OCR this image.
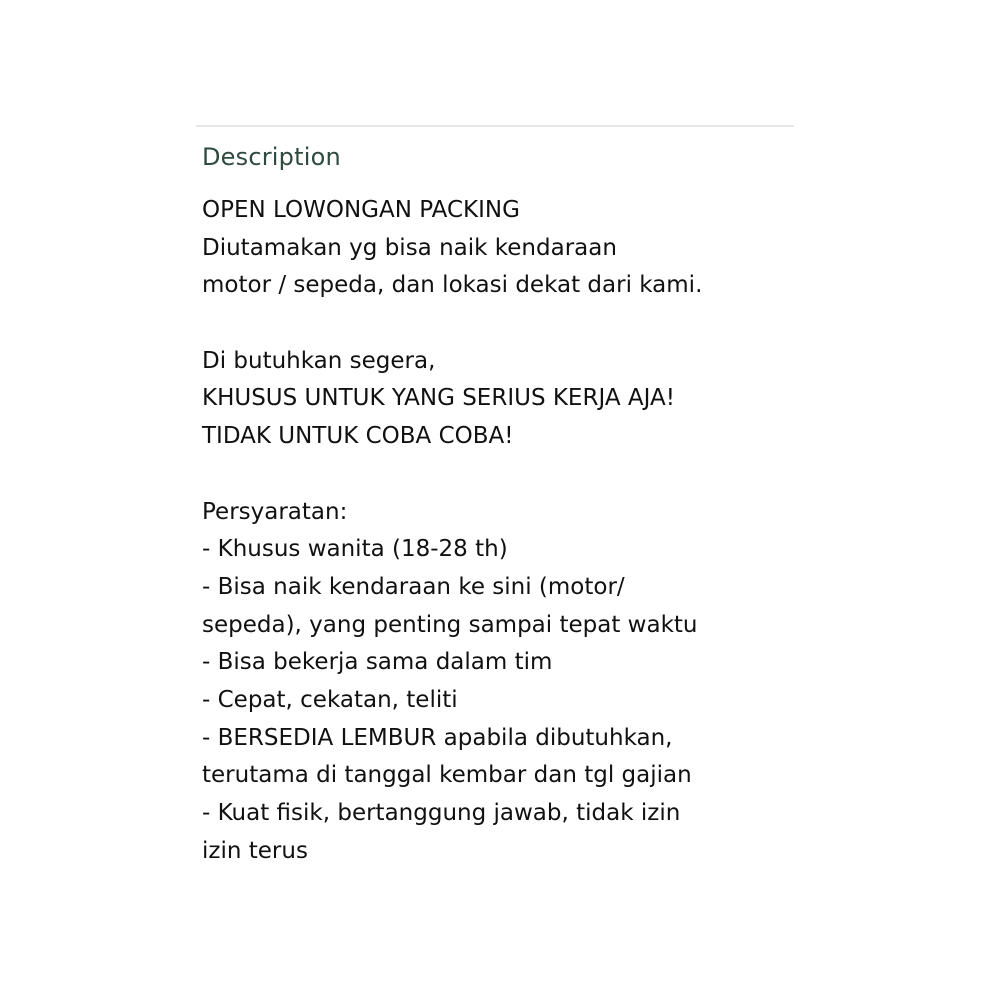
Description
OPEN LOWONGAN PACKING
Diutamakan yg bisa naik kendaraan
motor / sepeda, dan lokasi dekat dari kami.
Di butuhkan segera,
KHUSUS UNTUK YANG SERIUS KERJA AJA!
TIDAK UNTUK COBA COBA!
Persyaratan:
- Khusus wanita (18-28 th)
- Bisa naik kendaraan ke sini (motor/
sepeda), yang penting sampai tepat waktu
- Bisa bekerja sama dalam tim
- Cepat, cekatan, teliti
- BERSEDIA LEMBUR apabila dibutuhkan,
terutama di tanggal kembar dan tgl gajian
- Kuat fisik, bertanggung jawab, tidak izin
izin terus
